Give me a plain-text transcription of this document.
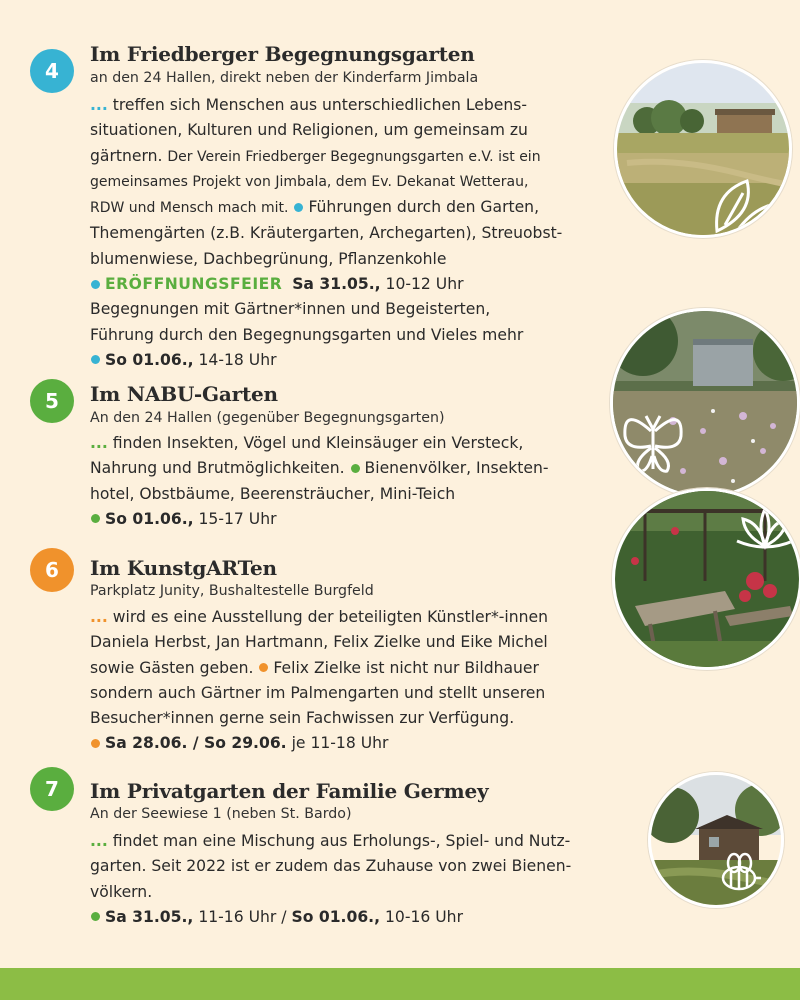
4
Im Friedberger Begegnungsgarten

an den 24 Hallen, direkt neben der Kinderfarm Jimbala

... treffen sich Menschen aus unterschiedlichen Lebens-
situationen, Kulturen und Religionen, um gemeinsam zu
gärtnern. Der Verein Friedberger Begegnungsgarten e.V. ist ein
gemeinsames Projekt von Jimbala, dem Ev. Dekanat Wetterau,
RDW und Mensch mach mit. Führungen durch den Garten,
Themengärten (z.B. Kräutergarten, Archegarten), Streuobst-
blumenwiese, Dachbegrünung, Pflanzenkohle
ERÖFFNUNGSFEIER Sa 31.05., 10-12 Uhr
Begegnungen mit Gärtner*innen und Begeisterten,
Führung durch den Begegnungsgarten und Vieles mehr
So 01.06., 14-18 Uhr
5	Im NABU-Garten

An den 24 Hallen (gegenüber Begegnungsgarten)

... finden Insekten, Vögel und Kleinsäuger ein Versteck,
Nahrung und Brutmöglichkeiten. Bienenvölker, Insekten-
hotel, Obstbäume, Beerensträucher, Mini-Teich
So 01.06., 15-17 Uhr
6	Im KunstgARTen

Parkplatz Junity, Bushaltestelle Burgfeld

... wird es eine Ausstellung der beteiligten Künstler*-innen
Daniela Herbst, Jan Hartmann, Felix Zielke und Eike Michel
sowie Gästen geben. Felix Zielke ist nicht nur Bildhauer
sondern auch Gärtner im Palmengarten und stellt unseren
Besucher*innen gerne sein Fachwissen zur Verfügung.
Sa 28.06. / So 29.06. je 11-18 Uhr
7	Im Privatgarten der Familie Germey

An der Seewiese 1 (neben St. Bardo)

... findet man eine Mischung aus Erholungs-, Spiel- und Nutz-
garten. Seit 2022 ist er zudem das Zuhause von zwei Bienen-
völkern.
Sa 31.05., 11-16 Uhr / So 01.06., 10-16 Uhr
